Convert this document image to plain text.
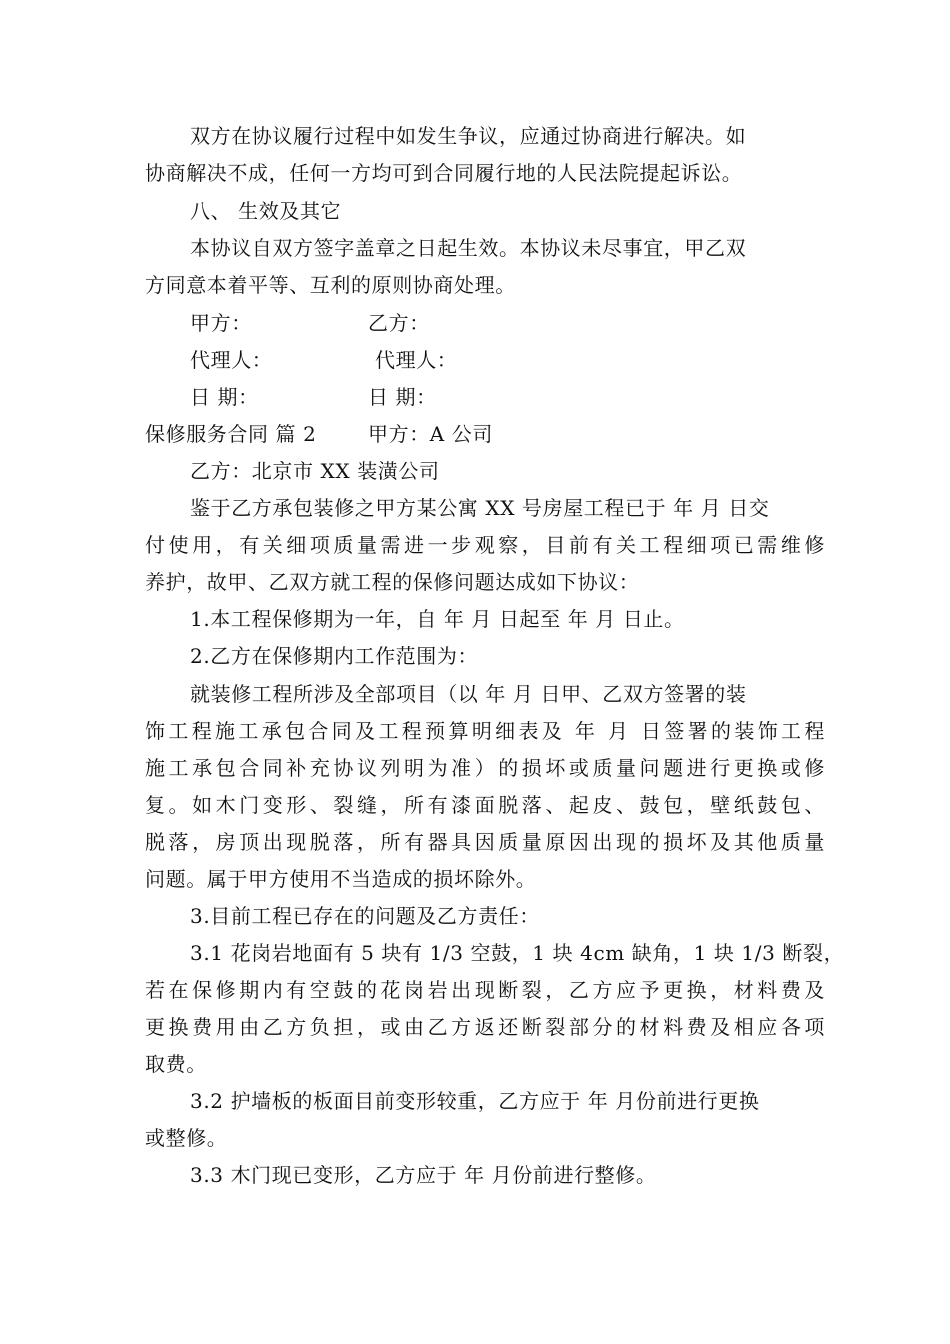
双方在协议履行过程中如发生争议，应通过协商进行解决。如
协商解决不成，任何一方均可到合同履行地的人民法院提起诉讼。
八、 生效及其它
本协议自双方签字盖章之日起生效。本协议未尽事宜，甲乙双
方同意本着平等、互利的原则协商处理。
甲方：	乙方：
代理人：	代理人：
日 期：	日 期：
保修服务合同 篇 2	甲方：A 公司
乙方：北京市 XX 装潢公司
鉴于乙方承包装修之甲方某公寓 XX 号房屋工程已于 年 月 日交
付使用，有关细项质量需进一步观察，目前有关工程细项已需维修
养护，故甲、乙双方就工程的保修问题达成如下协议：
1.本工程保修期为一年，自 年 月 日起至 年 月 日止。
2.乙方在保修期内工作范围为：
就装修工程所涉及全部项目（以 年 月 日甲、乙双方签署的装
饰工程施工承包合同及工程预算明细表及 年 月 日签署的装饰工程
施工承包合同补充协议列明为准）的损坏或质量问题进行更换或修
复。如木门变形、裂缝，所有漆面脱落、起皮、鼓包，壁纸鼓包、
脱落，房顶出现脱落，所有器具因质量原因出现的损坏及其他质量
问题。属于甲方使用不当造成的损坏除外。
3.目前工程已存在的问题及乙方责任：
3.1 花岗岩地面有 5 块有 1/3 空鼓，1 块 4cm 缺角，1 块 1/3 断裂，
若在保修期内有空鼓的花岗岩出现断裂，乙方应予更换，材料费及
更换费用由乙方负担，或由乙方返还断裂部分的材料费及相应各项
取费。
3.2 护墙板的板面目前变形较重，乙方应于 年 月份前进行更换
或整修。
3.3 木门现已变形，乙方应于 年 月份前进行整修。
